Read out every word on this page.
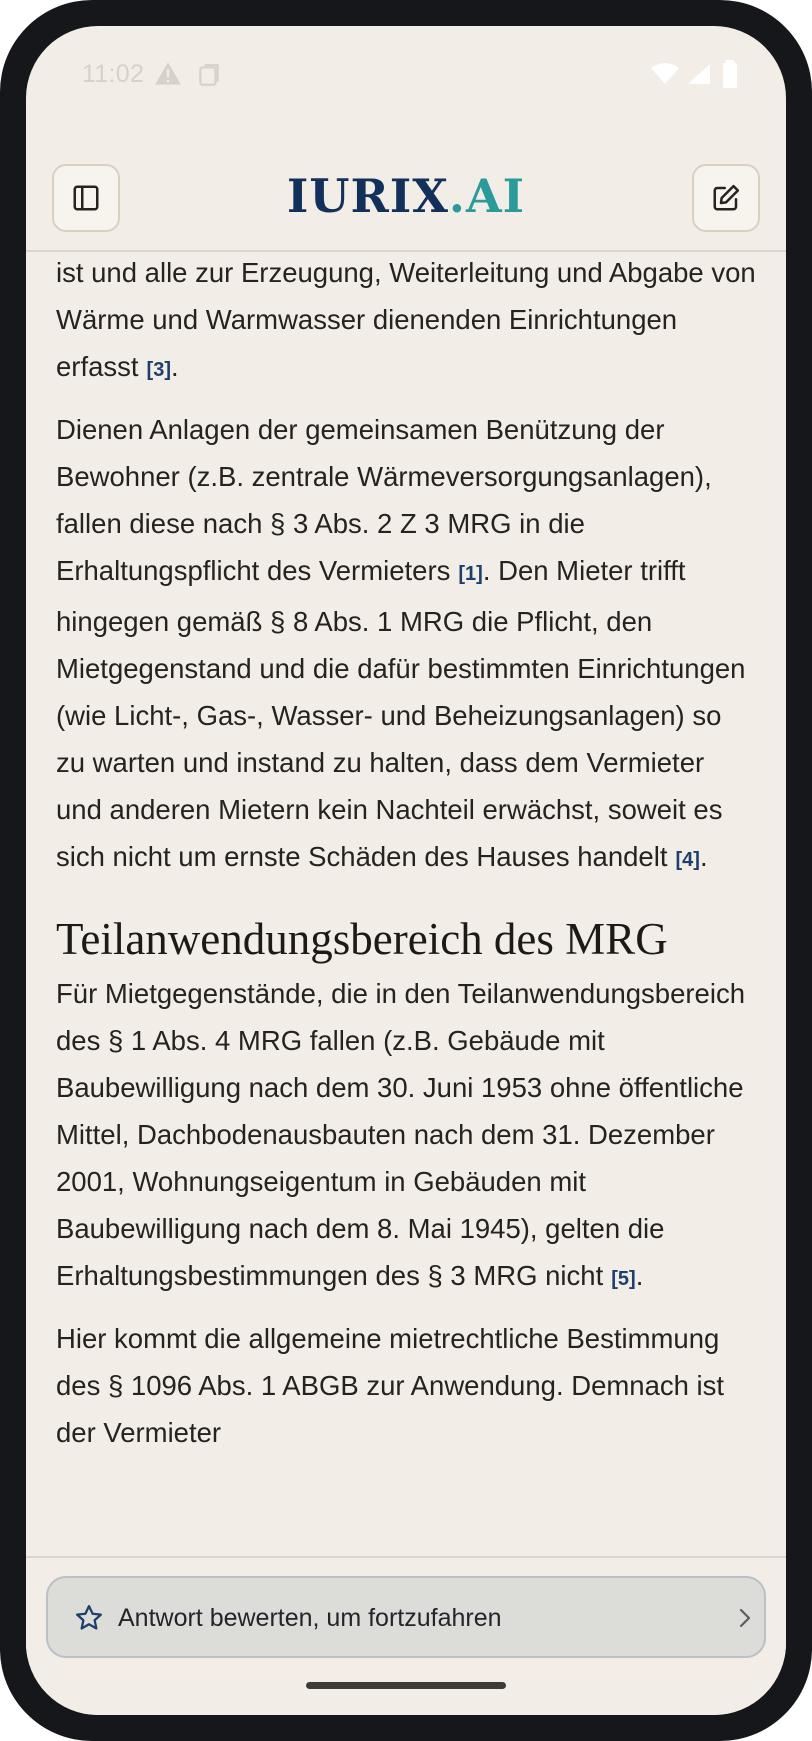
11:02
IURIX.AI

ist und alle zur Erzeugung, Weiterleitung und Abgabe von Wärme und Warmwasser dienenden Einrichtungen erfasst [3].

Dienen Anlagen der gemeinsamen Benützung der Bewohner (z.B. zentrale Wärmeversorgungsanlagen), fallen diese nach § 3 Abs. 2 Z 3 MRG in die Erhaltungspflicht des Vermieters [1]. Den Mieter trifft hingegen gemäß § 8 Abs. 1 MRG die Pflicht, den Mietgegenstand und die dafür bestimmten Einrichtungen (wie Licht-, Gas-, Wasser- und Beheizungsanlagen) so zu warten und instand zu halten, dass dem Vermieter und anderen Mietern kein Nachteil erwächst, soweit es sich nicht um ernste Schäden des Hauses handelt [4].

Teilanwendungsbereich des MRG

Für Mietgegenstände, die in den Teilanwendungsbereich des § 1 Abs. 4 MRG fallen (z.B. Gebäude mit Baubewilligung nach dem 30. Juni 1953 ohne öffentliche Mittel, Dachbodenausbauten nach dem 31. Dezember 2001, Wohnungseigentum in Gebäuden mit Baubewilligung nach dem 8. Mai 1945), gelten die Erhaltungsbestimmungen des § 3 MRG nicht [5].

Hier kommt die allgemeine mietrechtliche Bestimmung des § 1096 Abs. 1 ABGB zur Anwendung. Demnach ist der Vermieter

Antwort bewerten, um fortzufahren
